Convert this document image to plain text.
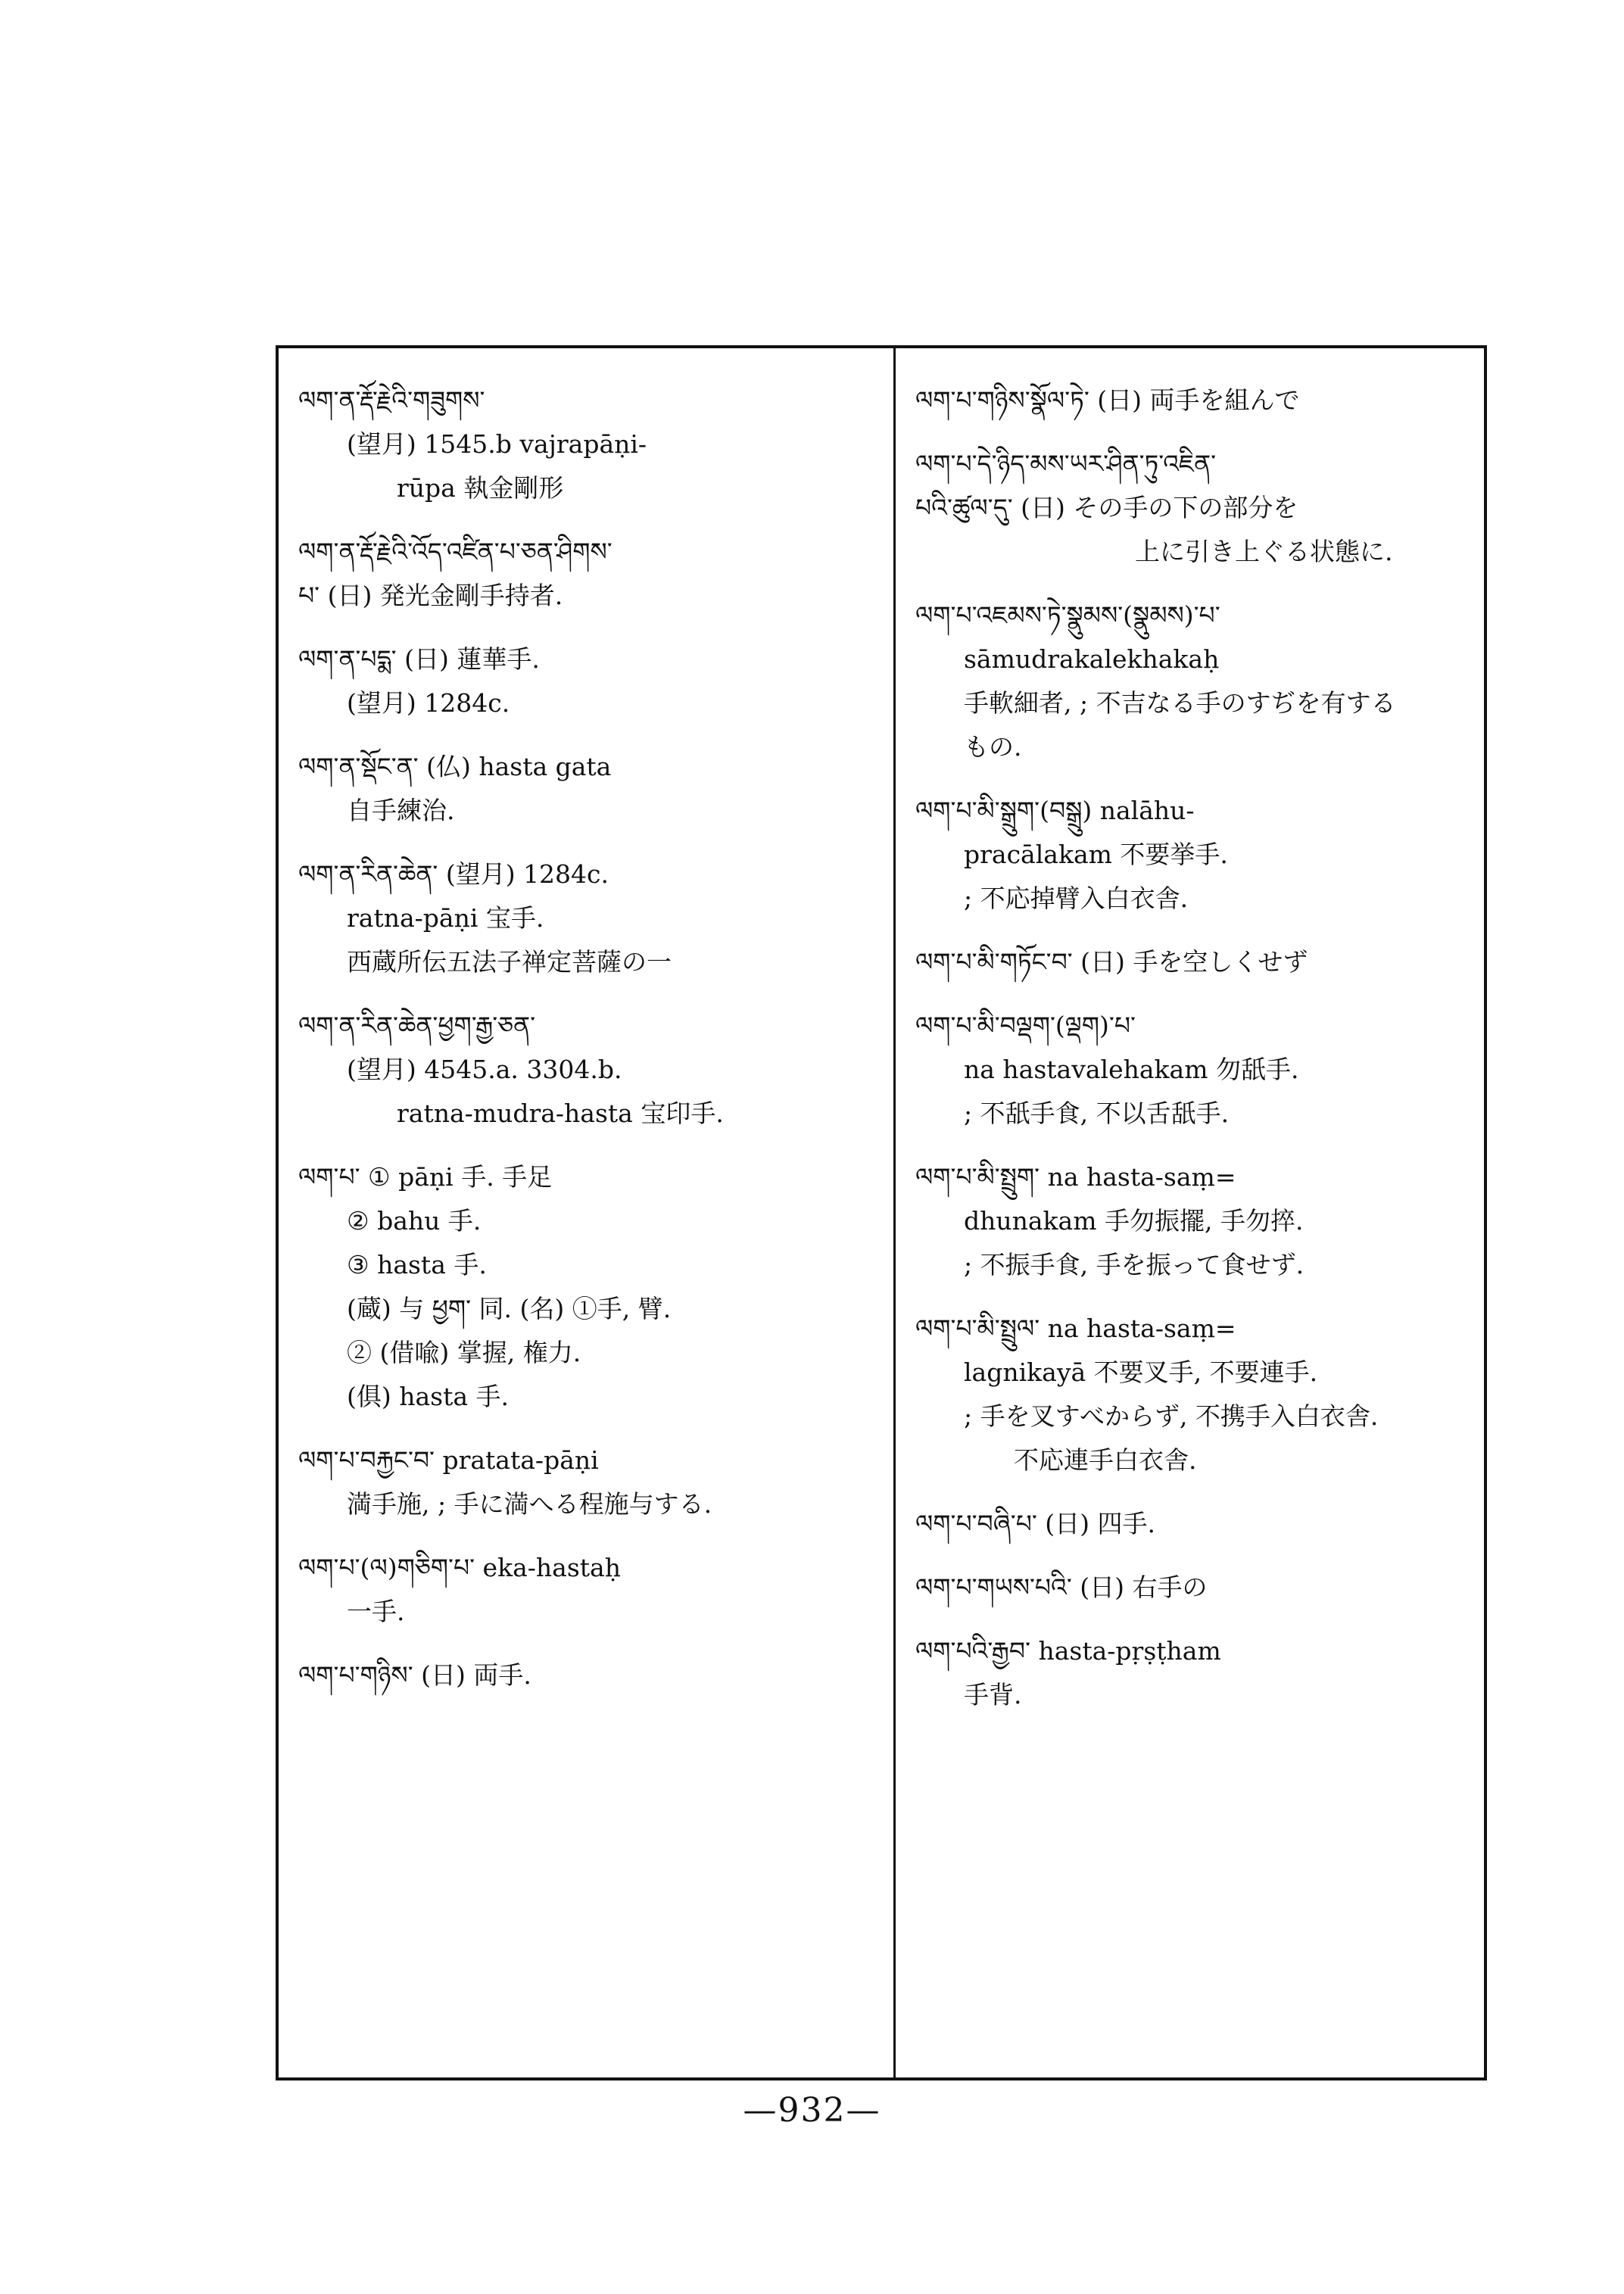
ལག་ན་རྡོ་རྗེའི་གཟུགས་
(望月) 1545.b vajrapāṇi-
rūpa 執金剛形
ལག་ན་རྡོ་རྗེའི་འོད་འཛིན་པ་ཅན་ཤིགས་
པ་ (日) 発光金剛手持者.
ལག་ན་པདྨ་ (日) 蓮華手.
(望月) 1284c.
ལག་ན་སྡོང་ན་ (仏) hasta gata
自手練治.
ལག་ན་རིན་ཆེན་ (望月) 1284c.
ratna-pāṇi 宝手.
西蔵所伝五法子禅定菩薩の一
ལག་ན་རིན་ཆེན་ཕྱག་རྒྱ་ཅན་
(望月) 4545.a. 3304.b.
ratna-mudra-hasta 宝印手.
ལག་པ་ ① pāṇi 手. 手足
② bahu 手.
③ hasta 手.
(蔵) 与 ཕྱག་ 同. (名) ①手, 臂.
② (借喩) 掌握, 権力.
(俱) hasta 手.
ལག་པ་བརྐྱང་བ་ pratata-pāṇi
満手施, ; 手に満へる程施与する.
ལག་པ་(ལ)གཅིག་པ་ eka-hastaḥ
一手.
ལག་པ་གཉིས་ (日) 両手.
ལག་པ་གཉིས་སྣོལ་ཏེ་ (日) 両手を組んで
ལག་པ་དེ་ཉིད་མས་ཡར་ཤིན་ཏུ་འཇིན་
པའི་ཚུལ་དུ་ (日) その手の下の部分を
上に引き上ぐる状態に.
ལག་པ་འཇམས་ཏེ་སྣུམས་(སྣུམས)་པ་
sāmudrakalekhakaḥ
手軟細者, ; 不吉なる手のすぢを有する
もの.
ལག་པ་མི་སྒྲུག་(བསྒྲུ) nalāhu-
pracālakam 不要挙手.
; 不応掉臂入白衣舎.
ལག་པ་མི་གཏོང་བ་ (日) 手を空しくせず
ལག་པ་མི་བལྡག་(ལྡག)་པ་
na hastavalehakam 勿舐手.
; 不舐手食, 不以舌舐手.
ལག་པ་མི་སྤྲུག་ na hasta-saṃ=
dhunakam 手勿振擺, 手勿捽.
; 不振手食, 手を振って食せず.
ལག་པ་མི་སྤྲུལ་ na hasta-saṃ=
lagnikayā 不要叉手, 不要連手.
; 手を叉すべからず, 不携手入白衣舎.
不応連手白衣舎.
ལག་པ་བཞི་པ་ (日) 四手.
ལག་པ་གཡས་པའི་ (日) 右手の
ལག་པའི་རྒྱབ་ hasta-pṛṣṭham
手背.
—932—
